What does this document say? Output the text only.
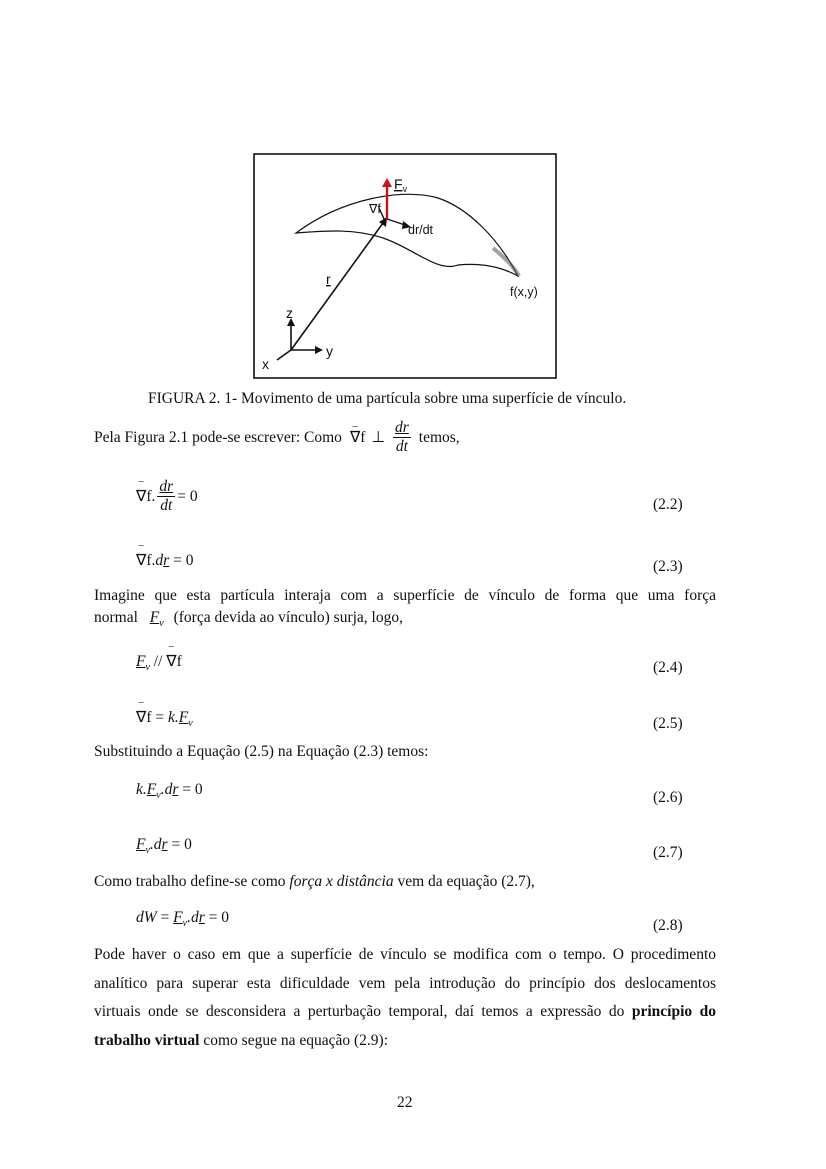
$F_v$
∇f
dr/dt
r
f(x,y)
z
y
x
FIGURA 2. 1- Movimento de uma partícula sobre uma superfície de vínculo.
Pela Figura 2.1 pode-se escrever: Como − ∇f ⊥ $\frac{dr}{dt}$ temos,
− ∇f . $\frac{dr}{dt} = 0$	(2.2)
− ∇f.dr = 0	(2.3)
Imagine que esta partícula interaja com a superfície de vínculo de forma que uma força
normal $F_v$ (força devida ao vínculo) surja, logo,
$F_v$ // − ∇f	(2.4)
− $\nabla f = k.F_v$	(2.5)
Substituindo a Equação (2.5) na Equação (2.3) temos:
$k.F_v.dr = 0$	(2.6)
$F_v.dr = 0$	(2.7)
Como trabalho define-se como força x distância vem da equação (2.7),
dW = $F_v.dr = 0$	(2.8)
Pode haver o caso em que a superfície de vínculo se modifica com o tempo. O procedimento
analítico para superar esta dificuldade vem pela introdução do princípio dos deslocamentos
virtuais onde se desconsidera a perturbação temporal, daí temos a expressão do princípio do
trabalho virtual como segue na equação (2.9):
22
